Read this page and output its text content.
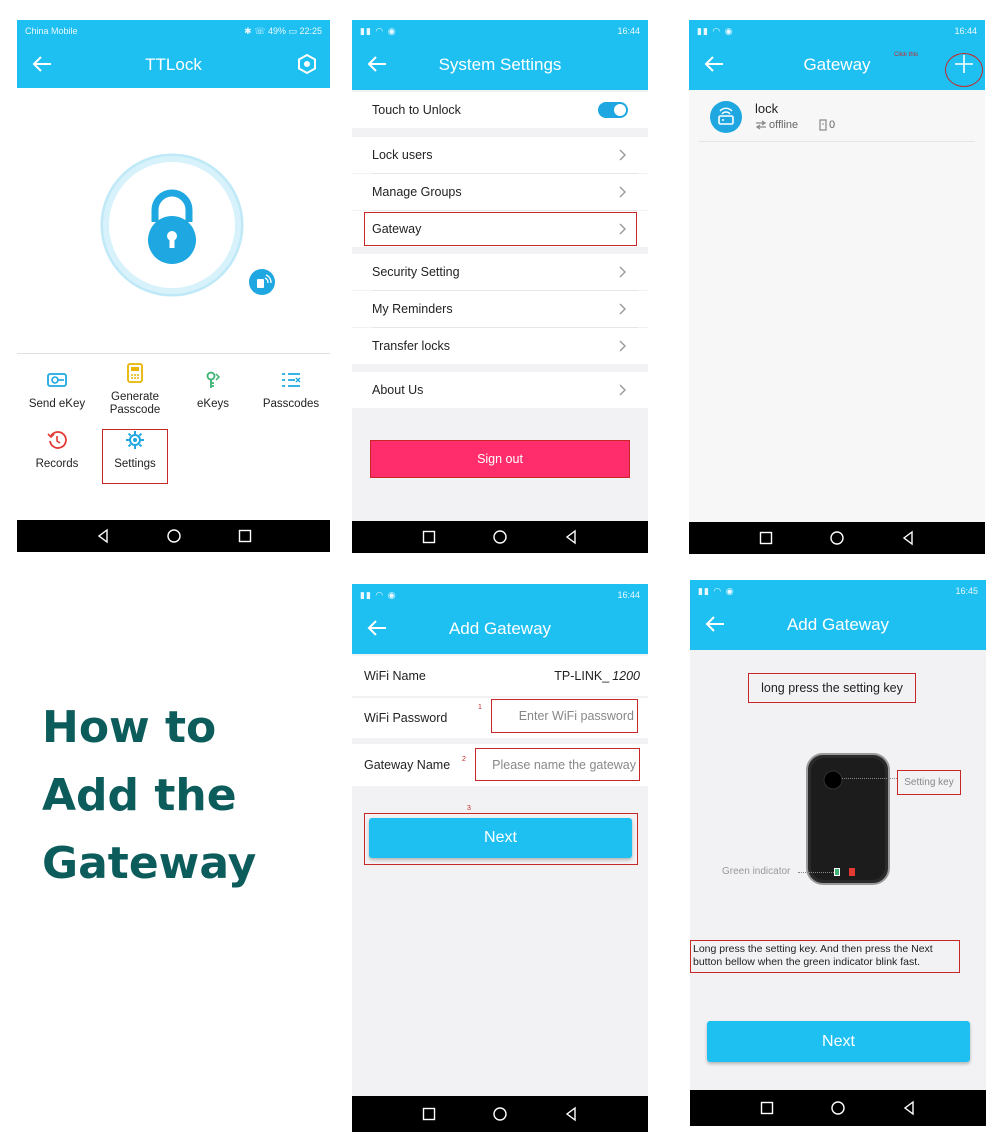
China Mobile	✱ ☏ 49% ▭ 22:25
TTLock
Send eKey
Generate
Passcode	eKeys	Passcodes
Records	Settings
▮▮ ◠ ◉	16:44
System Settings
Touch to Unlock
Lock users
Manage Groups
Gateway
Security Setting
My Reminders
Transfer locks
About Us
Sign out
▮▮ ◠ ◉	16:44
Gateway	Click this
lock
offline	0
How to
Add the
Gateway
▮▮ ◠ ◉	16:44
Add Gateway
WiFi Name	TP-LINK_ 1200
WiFi Password
1
Enter WiFi password
Gateway Name 2 Please name the gateway
3
Next
▮▮ ◠ ◉	16:45
Add Gateway
long press the setting key
Setting key
Green indicator
Long press the setting key. And then press the Next
button bellow when the green indicator blink fast.
Next
